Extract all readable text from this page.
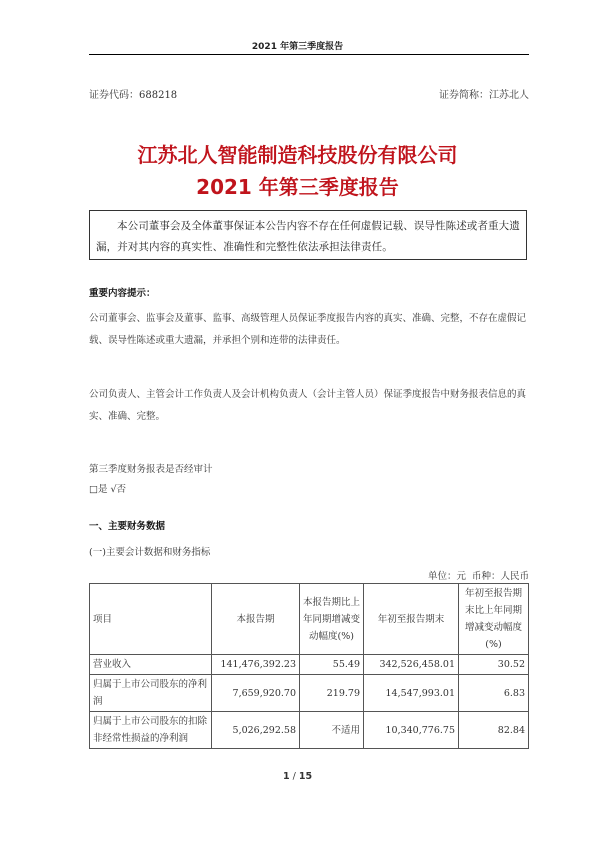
2021 年第三季度报告
证券代码：688218	证券简称：江苏北人
江苏北人智能制造科技股份有限公司
2021 年第三季度报告
本公司董事会及全体董事保证本公告内容不存在任何虚假记载、误导性陈述或者重大遗漏，并对其内容的真实性、准确性和完整性依法承担法律责任。
重要内容提示：
公司董事会、监事会及董事、监事、高级管理人员保证季度报告内容的真实、准确、完整，不存在虚假记载、误导性陈述或重大遗漏，并承担个别和连带的法律责任。
公司负责人、主管会计工作负责人及会计机构负责人（会计主管人员）保证季度报告中财务报表信息的真实、准确、完整。
第三季度财务报表是否经审计
□是 √否
一、主要财务数据
(一)主要会计数据和财务指标
单位：元 币种：人民币
项目	本报告期	本报告期比上年同期增减变动幅度(%)	年初至报告期末	年初至报告期末比上年同期增减变动幅度(%)
营业收入	141,476,392.23	55.49	342,526,458.01	30.52
归属于上市公司股东的净利润	7,659,920.70	219.79	14,547,993.01	6.83
归属于上市公司股东的扣除非经常性损益的净利润	5,026,292.58	不适用	10,340,776.75	82.84
1 / 15
